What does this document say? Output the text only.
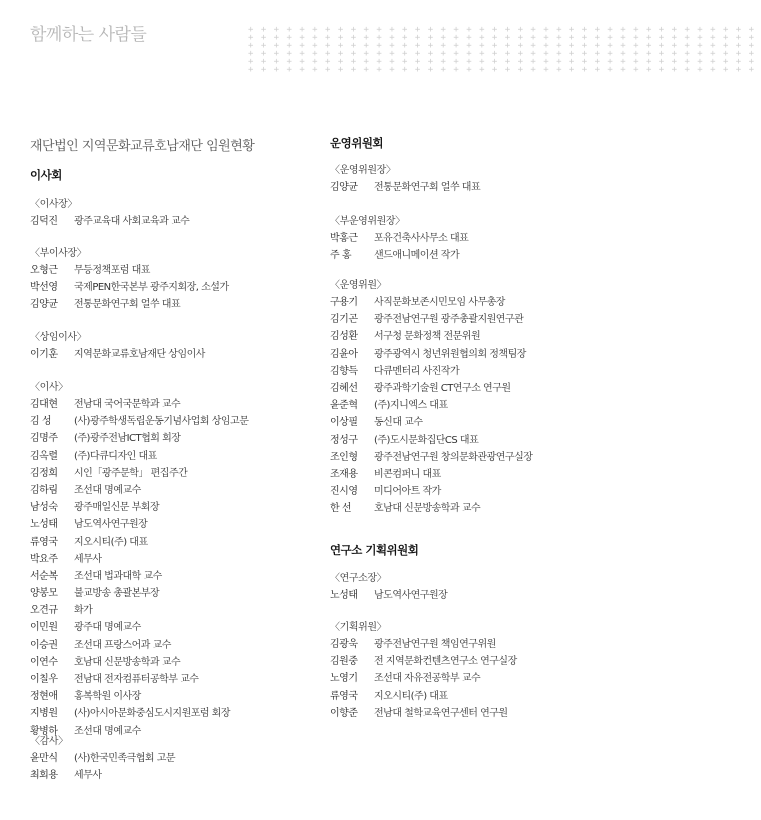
함께하는 사람들	+ + + + + + + + + + + + + + + + + + + + + + + + + + + + + + + + + + + + + + + +
+ + + + + + + + + + + + + + + + + + + + + + + + + + + + + + + + + + + + + + + +
+ + + + + + + + + + + + + + + + + + + + + + + + + + + + + + + + + + + + + + + +
+ + + + + + + + + + + + + + + + + + + + + + + + + + + + + + + + + + + + + + + +
+ + + + + + + + + + + + + + + + + + + + + + + + + + + + + + + + + + + + + + + +
+ + + + + + + + + + + + + + + + + + + + + + + + + + + + + + + + + + + + + + + +
재단법인 지역문화교류호남재단 임원현황
이사회
〈이사장〉
김덕진	광주교육대 사회교육과 교수
〈부이사장〉
오형근	무등정책포럼 대표
박선영	국제PEN한국본부 광주지회장, 소설가
김양균	전통문화연구회 얼쑤 대표
〈상임이사〉
이기훈	지역문화교류호남재단 상임이사
〈이사〉
김대현	전남대 국어국문학과 교수
김 성	(사)광주학생독립운동기념사업회 상임고문
김명주	(주)광주전남ICT협회 회장
김옥렬	(주)다큐디자인 대표
김정희	시인「광주문학」 편집주간
김하림	조선대 명예교수
남성숙	광주매일신문 부회장
노성태	남도역사연구원장
류영국	지오시티(주) 대표
박요주	세무사
서순복	조선대 법과대학 교수
양봉모	불교방송 총괄본부장
오견규	화가
이민원	광주대 명예교수
이승권	조선대 프랑스어과 교수
이연수	호남대 신문방송학과 교수
이칠우	전남대 전자컴퓨터공학부 교수
정현애	홍복학원 이사장
지병원	(사)아시아문화중심도시지원포럼 회장
황병하	조선대 명예교수
〈감사〉
윤만식	(사)한국민족극협회 고문
최회용	세무사
운영위원회
〈운영위원장〉
김양균	전통문화연구회 얼쑤 대표
〈부운영위원장〉
박홍근	포유건축사사무소 대표
주 홍	샌드애니메이션 작가
〈운영위원〉
구용기	사직문화보존시민모임 사무총장
김기곤	광주전남연구원 광주총괄지원연구관
김성환	서구청 문화정책 전문위원
김윤아	광주광역시 청년위원협의회 정책팀장
김향득	다큐멘터리 사진작가
김혜선	광주과학기술원 CT연구소 연구원
윤준혁	(주)지니엑스 대표
이상필	동신대 교수
정성구	(주)도시문화집단CS 대표
조인형	광주전남연구원 창의문화관광연구실장
조재용	비콘컴퍼니 대표
진시영	미디어아트 작가
한 선	호남대 신문방송학과 교수
연구소 기획위원회
〈연구소장〉
노성태	남도역사연구원장
〈기획위원〉
김광욱	광주전남연구원 책임연구위원
김원중	전 지역문화컨텐츠연구소 연구실장
노영기	조선대 자유전공학부 교수
류영국	지오시티(주) 대표
이향준	전남대 철학교육연구센터 연구원
